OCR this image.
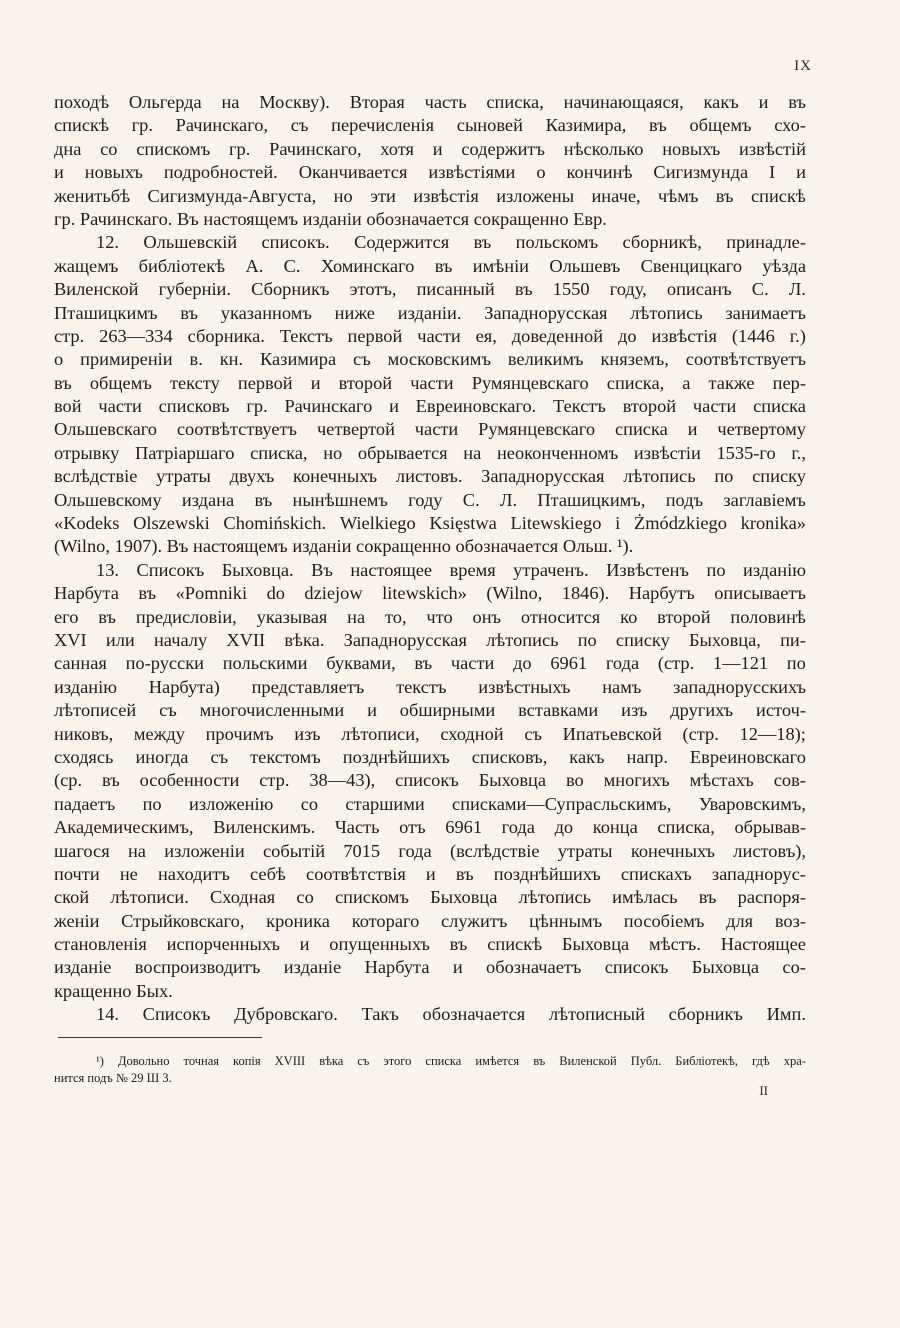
IX
походѣ Ольгерда на Москву). Вторая часть списка, начинающаяся, какъ и въ
спискѣ гр. Рачинскаго, съ перечисленія сыновей Казимира, въ общемъ схо-
дна со спискомъ гр. Рачинскаго, хотя и содержитъ нѣсколько новыхъ извѣстій
и новыхъ подробностей. Оканчивается извѣстіями о кончинѣ Сигизмунда I и
женитьбѣ Сигизмунда-Августа, но эти извѣстія изложены иначе, чѣмъ въ спискѣ
гр. Рачинскаго. Въ настоящемъ изданіи обозначается сокращенно Евр.
12. Ольшевскій списокъ. Содержится въ польскомъ сборникѣ, принадле-
жащемъ библіотекѣ А. С. Хоминскаго въ имѣніи Ольшевъ Свенцицкаго уѣзда
Виленской губерніи. Сборникъ этотъ, писанный въ 1550 году, описанъ С. Л.
Пташицкимъ въ указанномъ ниже изданіи. Западнорусская лѣтопись занимаетъ
стр. 263—334 сборника. Текстъ первой части ея, доведенной до извѣстія (1446 г.)
о примиреніи в. кн. Казимира съ московскимъ великимъ княземъ, соотвѣтствуетъ
въ общемъ тексту первой и второй части Румянцевскаго списка, а также пер-
вой части списковъ гр. Рачинскаго и Евреиновскаго. Текстъ второй части списка
Ольшевскаго соотвѣтствуетъ четвертой части Румянцевскаго списка и четвертому
отрывку Патріаршаго списка, но обрывается на неоконченномъ извѣстіи 1535-го г.,
вслѣдствіе утраты двухъ конечныхъ листовъ. Западнорусская лѣтопись по списку
Ольшевскому издана въ нынѣшнемъ году С. Л. Пташицкимъ, подъ заглавіемъ
«Kodeks Olszewski Chomińskich. Wielkiego Księstwa Litewskiego i Żmódzkiego kronika»
(Wilno, 1907). Въ настоящемъ изданіи сокращенно обозначается Ольш. ¹).
13. Списокъ Быховца. Въ настоящее время утраченъ. Извѣстенъ по изданію
Нарбута въ «Pomniki do dziejow litewskich» (Wilno, 1846). Нарбутъ описываетъ
его въ предисловіи, указывая на то, что онъ относится ко второй половинѣ
XVI или началу XVII вѣка. Западнорусская лѣтопись по списку Быховца, пи-
санная по-русски польскими буквами, въ части до 6961 года (стр. 1—121 по
изданію Нарбута) представляетъ текстъ извѣстныхъ намъ западнорусскихъ
лѣтописей съ многочисленными и обширными вставками изъ другихъ источ-
никовъ, между прочимъ изъ лѣтописи, сходной съ Ипатьевской (стр. 12—18);
сходясь иногда съ текстомъ позднѣйшихъ списковъ, какъ напр. Евреиновскаго
(ср. въ особенности стр. 38—43), списокъ Быховца во многихъ мѣстахъ сов-
падаетъ по изложенію со старшими списками—Супрасльскимъ, Уваровскимъ,
Академическимъ, Виленскимъ. Часть отъ 6961 года до конца списка, обрывав-
шагося на изложеніи событій 7015 года (вслѣдствіе утраты конечныхъ листовъ),
почти не находитъ себѣ соотвѣтствія и въ позднѣйшихъ спискахъ западнорус-
ской лѣтописи. Сходная со спискомъ Быховца лѣтопись имѣлась въ распоря-
женіи Стрыйковскаго, кроника котораго служитъ цѣннымъ пособіемъ для воз-
становленія испорченныхъ и опущенныхъ въ спискѣ Быховца мѣстъ. Настоящее
изданіе воспроизводитъ изданіе Нарбута и обозначаетъ списокъ Быховца со-
кращенно Бых.
14. Списокъ Дубровскаго. Такъ обозначается лѣтописный сборникъ Имп.
¹) Довольно точная копія XVIII вѣка съ этого списка имѣется въ Виленской Публ. Библіотекѣ, гдѣ хра-
нится подъ № 29 Ш 3.
II
